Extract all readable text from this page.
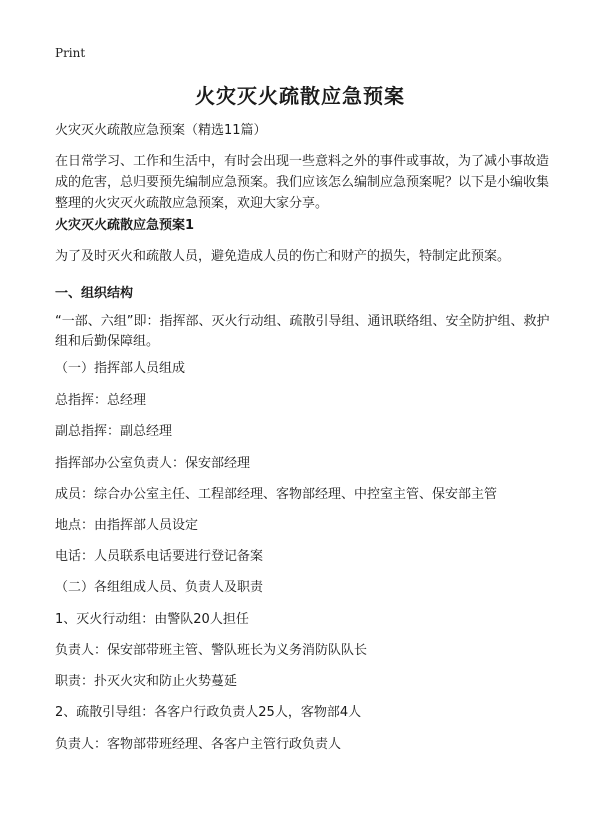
Print
火灾灭火疏散应急预案

火灾灭火疏散应急预案（精选11篇）

在日常学习、工作和生活中，有时会出现一些意料之外的事件或事故，为了减小事故造成的危害，总归要预先编制应急预案。我们应该怎么编制应急预案呢？以下是小编收集整理的火灾灭火疏散应急预案，欢迎大家分享。

火灾灭火疏散应急预案1

为了及时灭火和疏散人员，避免造成人员的伤亡和财产的损失，特制定此预案。

一、组织结构

“一部、六组”即：指挥部、灭火行动组、疏散引导组、通讯联络组、安全防护组、救护组和后勤保障组。

（一）指挥部人员组成

总指挥：总经理

副总指挥：副总经理

指挥部办公室负责人：保安部经理

成员：综合办公室主任、工程部经理、客物部经理、中控室主管、保安部主管

地点：由指挥部人员设定

电话：人员联系电话要进行登记备案

（二）各组组成人员、负责人及职责

1、灭火行动组：由警队20人担任

负责人：保安部带班主管、警队班长为义务消防队队长

职责：扑灭火灾和防止火势蔓延

2、疏散引导组：各客户行政负责人25人，客物部4人

负责人：客物部带班经理、各客户主管行政负责人
